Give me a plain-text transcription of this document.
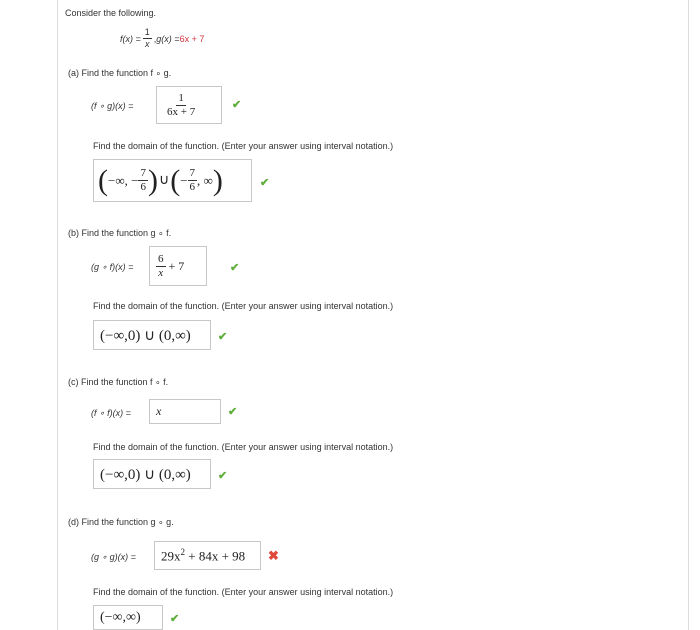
Consider the following.
$f(x) = \frac{1}{x}$ , g(x) = 6x + 7
(a) Find the function f ∘ g.
(f ∘ g)(x) =	$\frac{1}{6x + 7}$	✔
Find the domain of the function. (Enter your answer using interval notation.)
( −∞, − $\frac{7}{6}$ ) ∪ ( − $\frac{7}{6}$ , ∞ )	✔
(b) Find the function g ∘ f.
(g ∘ $f)(x) = \frac{6}{x} + 7$	✔
Find the domain of the function. (Enter your answer using interval notation.)
(−∞,0) ∪ (0,∞) ✔
(c) Find the function f ∘ f.
(f ∘ f)(x) = x	✔
Find the domain of the function. (Enter your answer using interval notation.)
(−∞,0) ∪ (0,∞) ✔
(d) Find the function g ∘ g.
(g ∘ $g)(x) = 29x^2 + 84x + 98$ ✖
Find the domain of the function. (Enter your answer using interval notation.)
(−∞,∞)	✔
